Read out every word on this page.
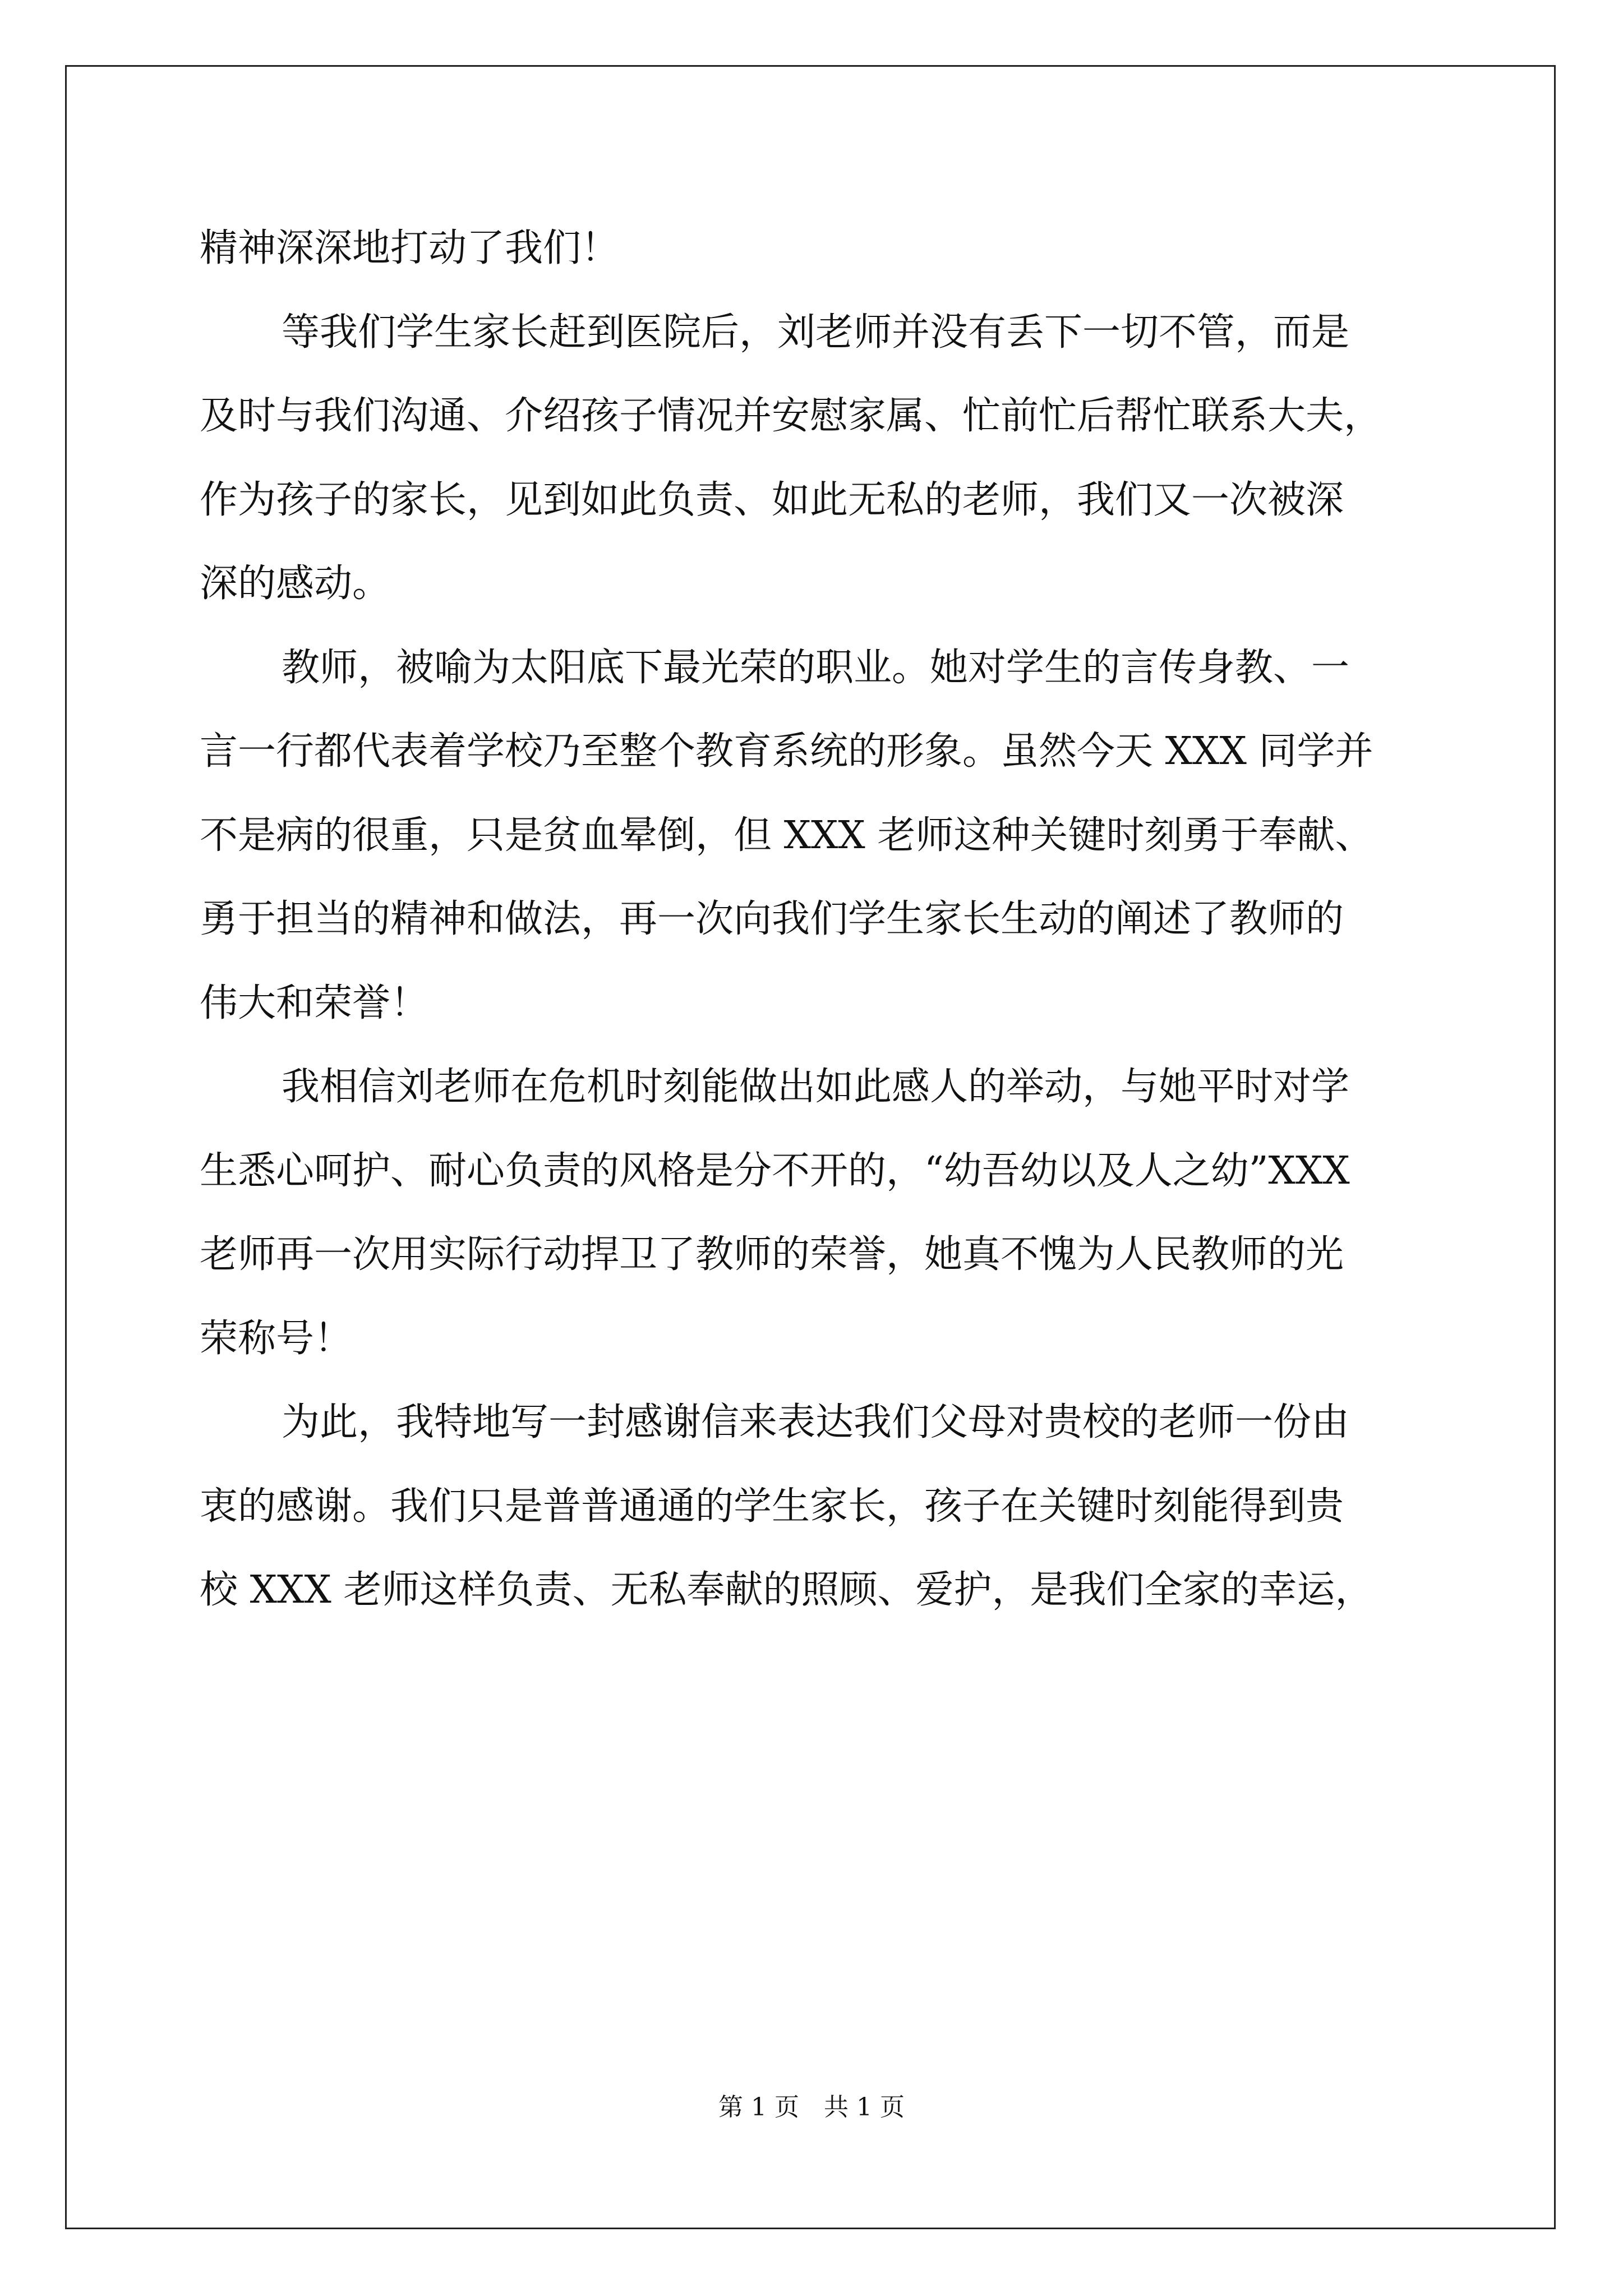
精神深深地打动了我们！
等我们学生家长赶到医院后，刘老师并没有丢下一切不管，而是
及时与我们沟通、介绍孩子情况并安慰家属、忙前忙后帮忙联系大夫，
作为孩子的家长，见到如此负责、如此无私的老师，我们又一次被深
深的感动。
教师，被喻为太阳底下最光荣的职业。她对学生的言传身教、一
言一行都代表着学校乃至整个教育系统的形象。虽然今天 XXX 同学并
不是病的很重，只是贫血晕倒，但 XXX 老师这种关键时刻勇于奉献、
勇于担当的精神和做法，再一次向我们学生家长生动的阐述了教师的
伟大和荣誉！
我相信刘老师在危机时刻能做出如此感人的举动，与她平时对学
生悉心呵护、耐心负责的风格是分不开的，“幼吾幼以及人之幼”XXX
老师再一次用实际行动捍卫了教师的荣誉，她真不愧为人民教师的光
荣称号！
为此，我特地写一封感谢信来表达我们父母对贵校的老师一份由
衷的感谢。我们只是普普通通的学生家长，孩子在关键时刻能得到贵
校 XXX 老师这样负责、无私奉献的照顾、爱护，是我们全家的幸运，
第 1 页　共 1 页
